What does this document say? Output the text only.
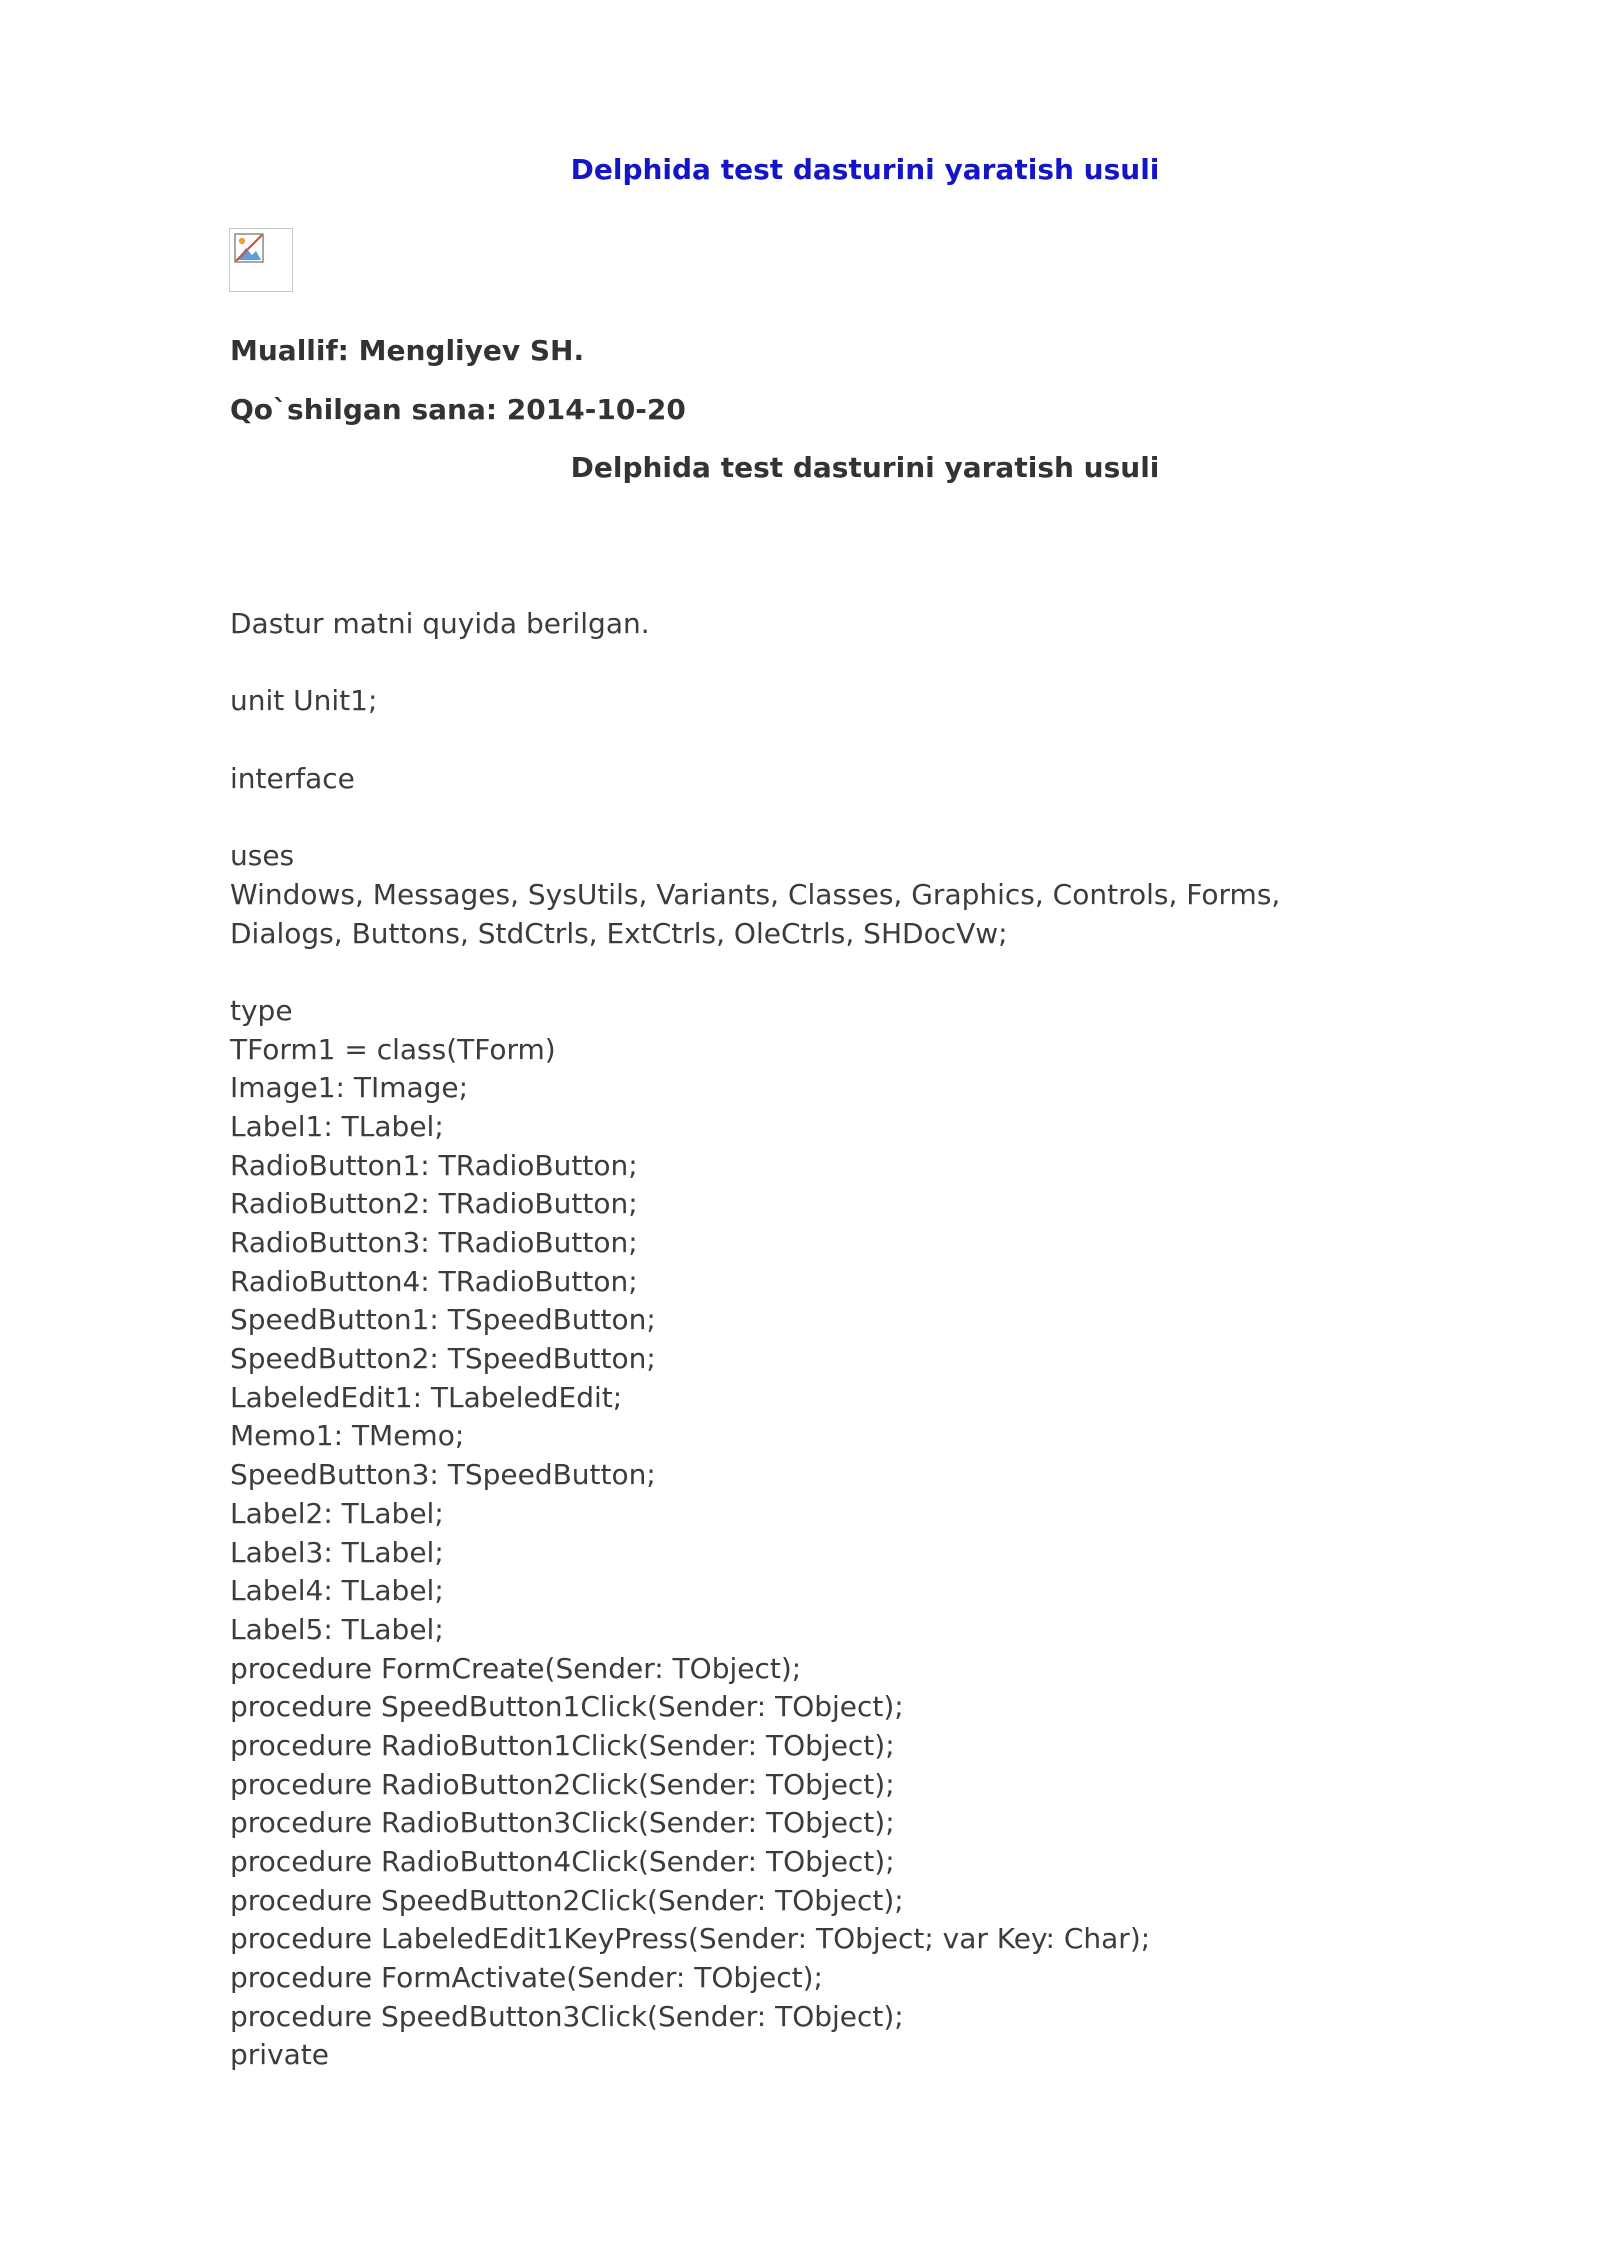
Delphida test dasturini yaratish usuli
Muallif: Mengliyev SH.
Qo`shilgan sana: 2014-10-20
Delphida test dasturini yaratish usuli
Dastur matni quyida berilgan.
unit Unit1;
interface
uses
Windows, Messages, SysUtils, Variants, Classes, Graphics, Controls, Forms,
Dialogs, Buttons, StdCtrls, ExtCtrls, OleCtrls, SHDocVw;
type
TForm1 = class(TForm)
Image1: TImage;
Label1: TLabel;
RadioButton1: TRadioButton;
RadioButton2: TRadioButton;
RadioButton3: TRadioButton;
RadioButton4: TRadioButton;
SpeedButton1: TSpeedButton;
SpeedButton2: TSpeedButton;
LabeledEdit1: TLabeledEdit;
Memo1: TMemo;
SpeedButton3: TSpeedButton;
Label2: TLabel;
Label3: TLabel;
Label4: TLabel;
Label5: TLabel;
procedure FormCreate(Sender: TObject);
procedure SpeedButton1Click(Sender: TObject);
procedure RadioButton1Click(Sender: TObject);
procedure RadioButton2Click(Sender: TObject);
procedure RadioButton3Click(Sender: TObject);
procedure RadioButton4Click(Sender: TObject);
procedure SpeedButton2Click(Sender: TObject);
procedure LabeledEdit1KeyPress(Sender: TObject; var Key: Char);
procedure FormActivate(Sender: TObject);
procedure SpeedButton3Click(Sender: TObject);
private
